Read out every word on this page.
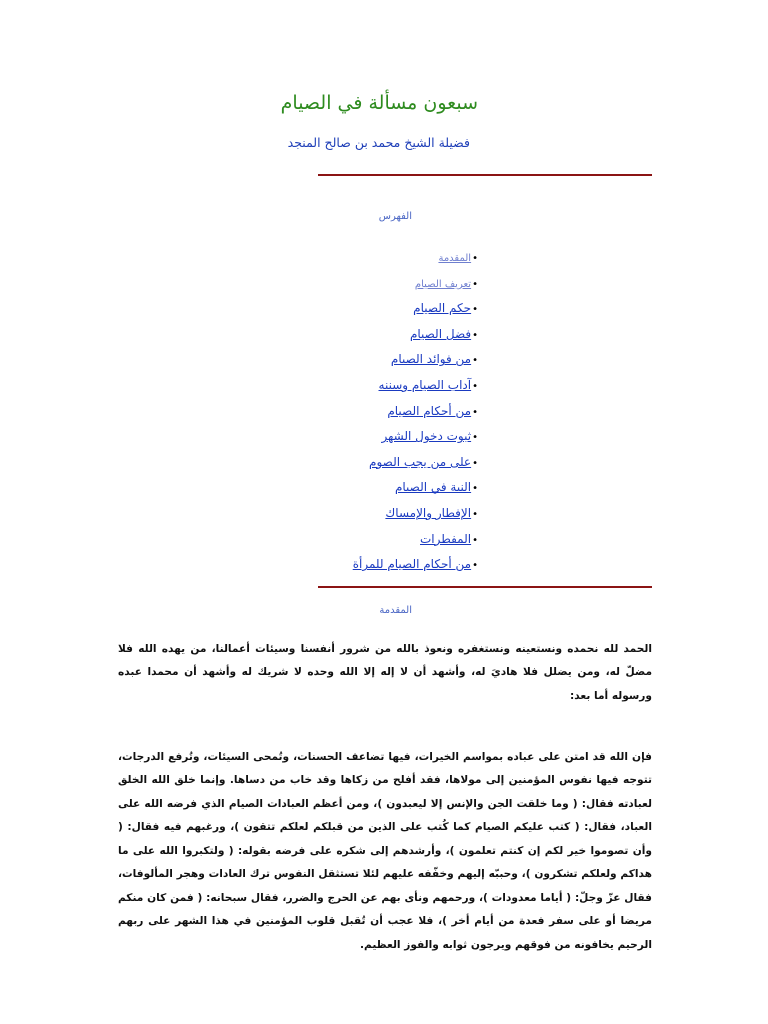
سبعون مسألة في الصيام
فضيلة الشيخ محمد بن صالح المنجد
الفهرس
•المقدمة
•تعريف الصيام
•حكم الصيام
•فضل الصيام
•من فوائد الصيام
•آداب الصيام وسننه
•من أحكام الصيام
•ثبوت دخول الشهر
•على من يجب الصوم
•النية في الصيام
•الإفطار والإمساك
•المفطرات
•من أحكام الصيام للمرأة
المقدمة

الحمد لله نحمده ونستعينه ونستغفره ونعوذ بالله من شرور أنفسنا وسيئات أعمالنا، من يهده الله فلا مضلّ له، ومن يضلل فلا هاديَ له، وأشهد أن لا إله إلا الله وحده لا شريك له وأشهد أن محمدا عبده ورسوله أما بعد:

فإن الله قد امتن على عباده بمواسم الخيرات، فيها تضاعف الحسنات، وتُمحى السيئات، وتُرفع الدرجات، تتوجه فيها نفوس المؤمنين إلى مولاها، فقد أفلح من زكاها وقد خاب من دساها. وإنما خلق الله الخلق لعبادته فقال: ( وما خلقت الجن والإنس إلا ليعبدون )، ومن أعظم العبادات الصيام الذي فرضه الله على العباد، فقال: ( كتب عليكم الصيام كما كُتب على الذين من قبلكم لعلكم تتقون )، ورغبهم فيه فقال: ( وأن تصوموا خير لكم إن كنتم تعلمون )، وأرشدهم إلى شكره على فرضه بقوله: ( ولتكبروا الله على ما هداكم ولعلكم تشكرون )، وحببّه إليهم وخفّفه عليهم لئلا تستثقل النفوس ترك العادات وهجر المألوفات، فقال عزّ وجلّ: ( أياما معدودات )، ورحمهم ونأى بهم عن الحرج والضرر، فقال سبحانه: ( فمن كان منكم مريضا أو على سفر فعدة من أيام أخر )، فلا عجب أن تُقبل قلوب المؤمنين في هذا الشهر على ربهم الرحيم يخافونه من فوقهم ويرجون ثوابه والفوز العظيم.
